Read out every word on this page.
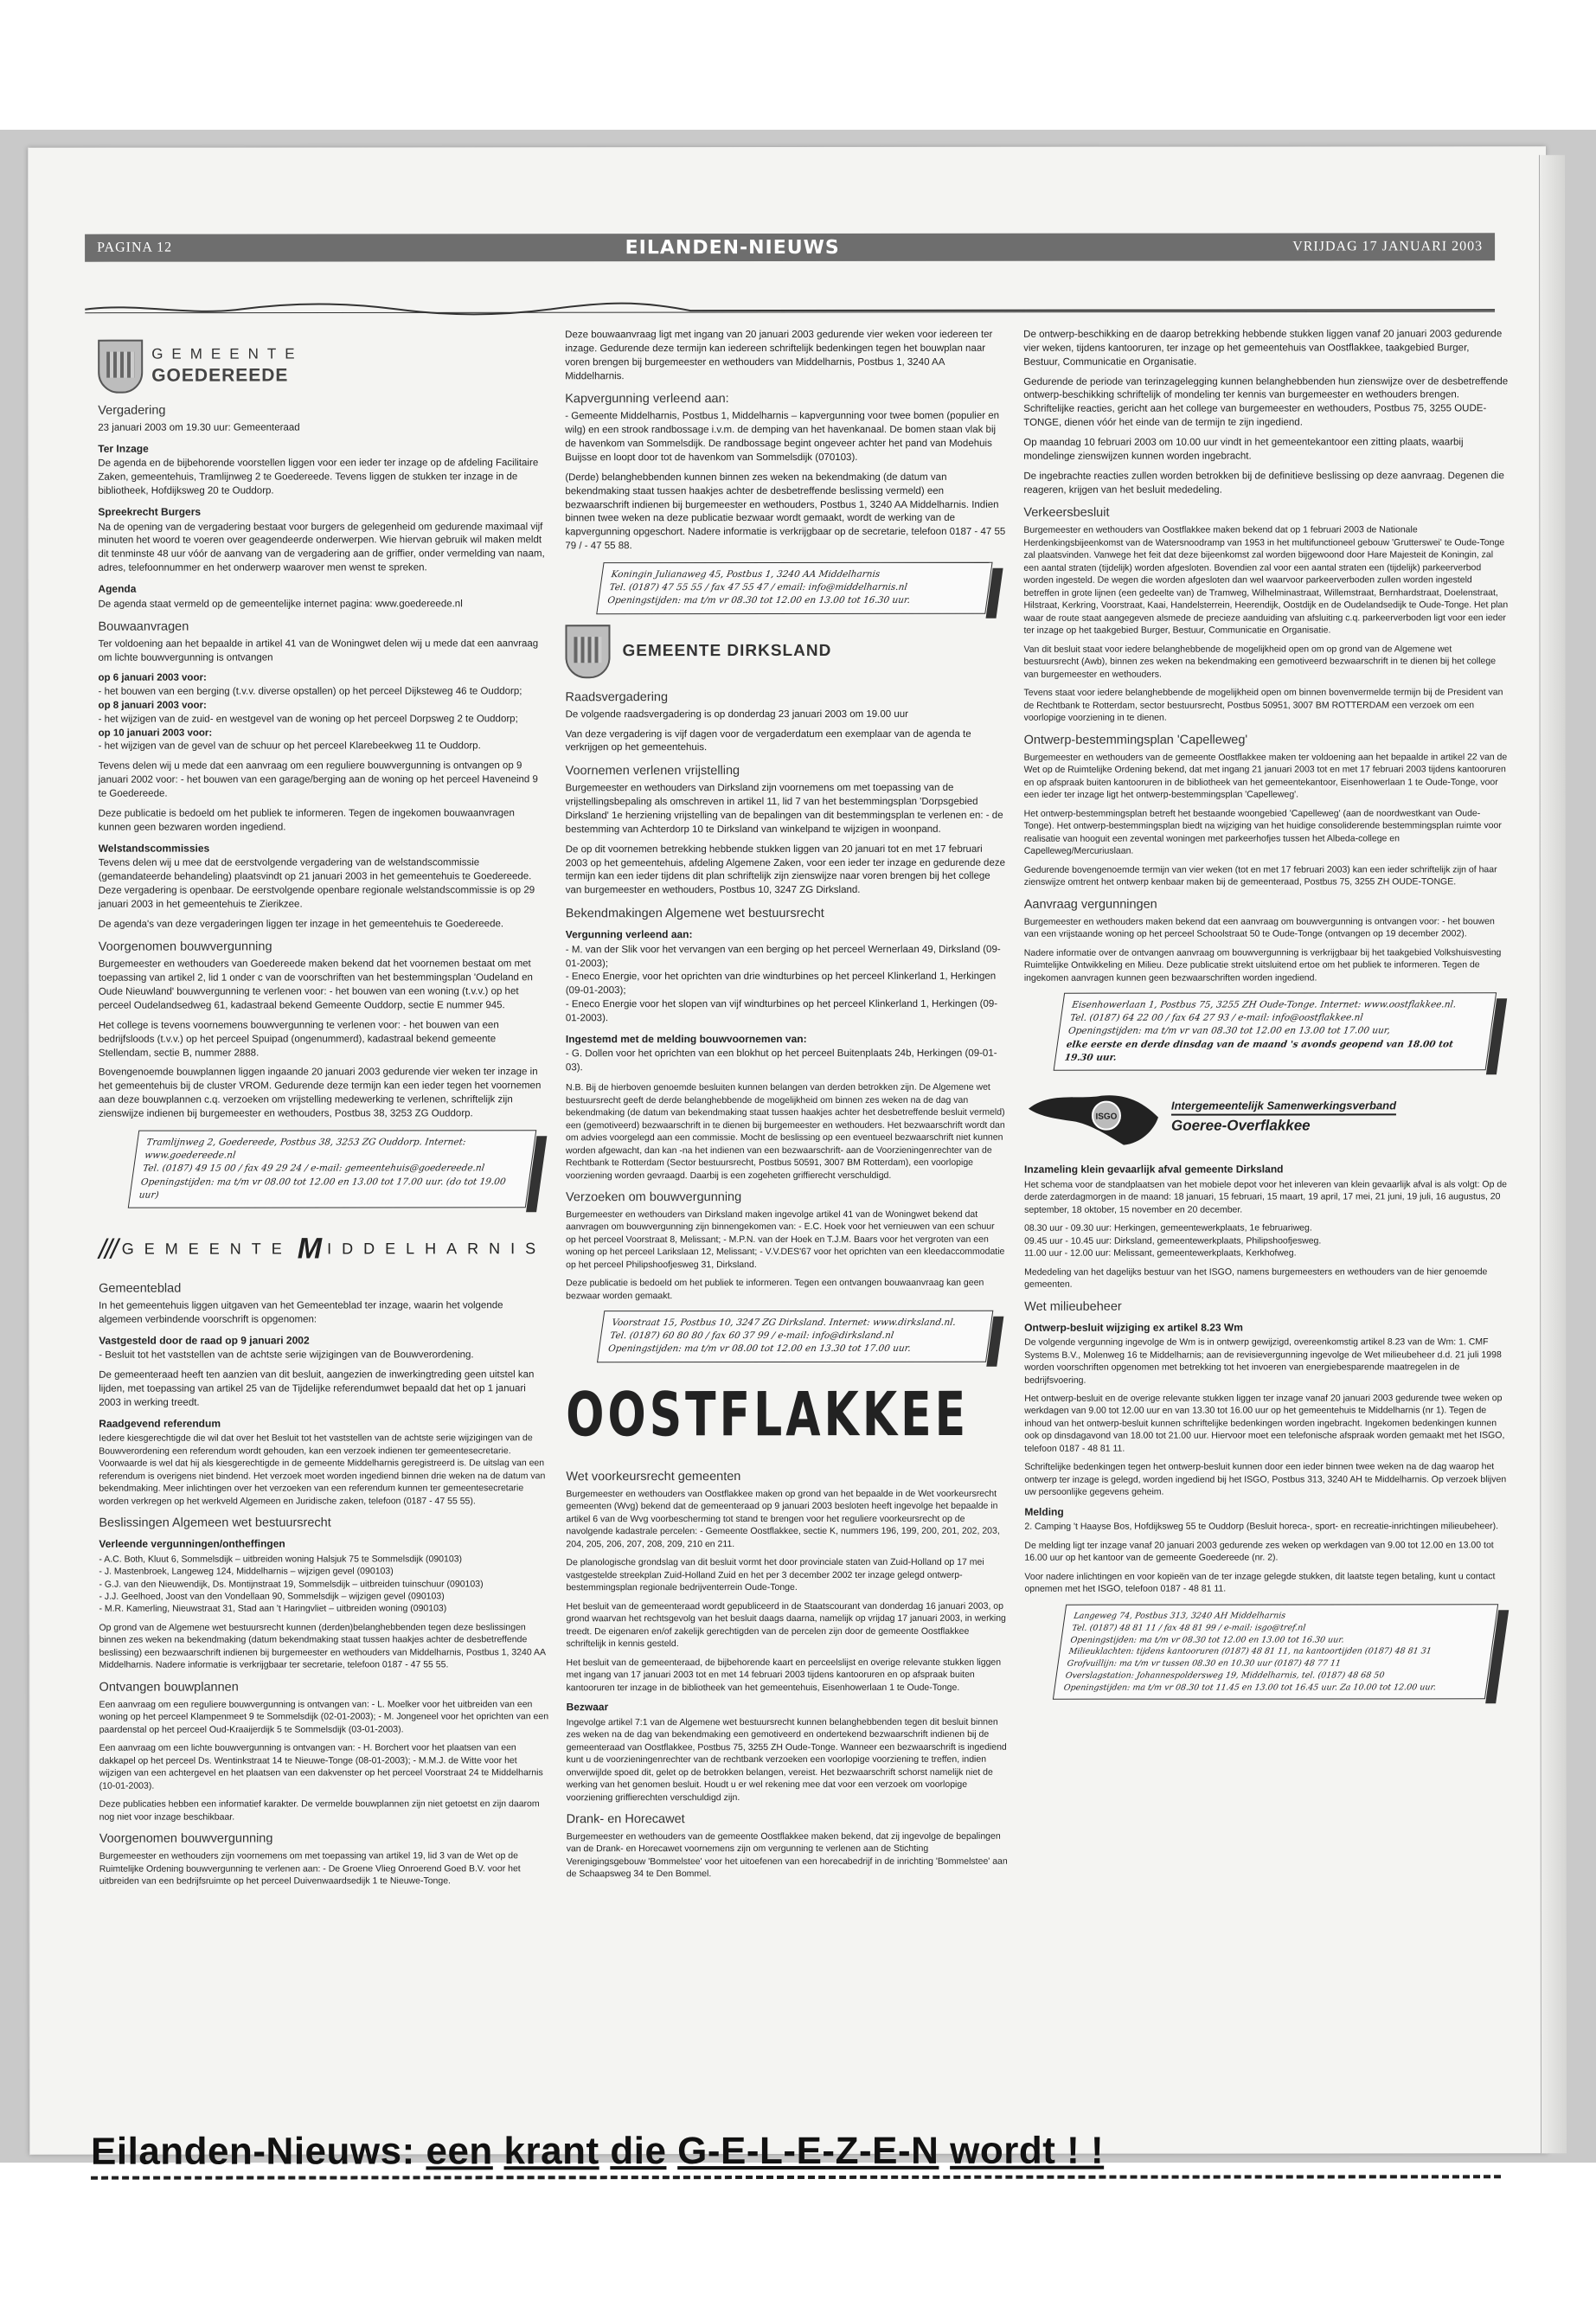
PAGINA 12	EILANDEN-NIEUWS	VRIJDAG 17 JANUARI 2003
GEMEENTE
GOEDEREEDE
Vergadering

23 januari 2003 om 19.30 uur: Gemeenteraad

Ter Inzage

De agenda en de bijbehorende voorstellen liggen voor een ieder ter inzage op de afdeling Facilitaire Zaken, gemeentehuis, Tramlijnweg 2 te Goedereede. Tevens liggen de stukken ter inzage in de bibliotheek, Hofdijksweg 20 te Ouddorp.

Spreekrecht Burgers

Na de opening van de vergadering bestaat voor burgers de gelegenheid om gedurende maximaal vijf minuten het woord te voeren over geagendeerde onderwerpen. Wie hiervan gebruik wil maken meldt dit tenminste 48 uur vóór de aanvang van de vergadering aan de griffier, onder vermelding van naam, adres, telefoonnummer en het onderwerp waarover men wenst te spreken.

Agenda

De agenda staat vermeld op de gemeentelijke internet pagina: www.goedereede.nl

Bouwaanvragen

Ter voldoening aan het bepaalde in artikel 41 van de Woningwet delen wij u mede dat een aanvraag om lichte bouwvergunning is ontvangen

op 6 januari 2003 voor:
- het bouwen van een berging (t.v.v. diverse opstallen) op het perceel Dijksteweg 46 te Ouddorp;
op 8 januari 2003 voor:
- het wijzigen van de zuid- en westgevel van de woning op het perceel Dorpsweg 2 te Ouddorp;
op 10 januari 2003 voor:

- het wijzigen van de gevel van de schuur op het perceel Klarebeekweg 11 te Ouddorp.

Tevens delen wij u mede dat een aanvraag om een reguliere bouwvergunning is ontvangen op 9 januari 2002 voor: - het bouwen van een garage/berging aan de woning op het perceel Haveneind 9 te Goedereede.

Deze publicatie is bedoeld om het publiek te informeren. Tegen de ingekomen bouwaanvragen kunnen geen bezwaren worden ingediend.

Welstandscommissies

Tevens delen wij u mee dat de eerstvolgende vergadering van de welstandscommissie (gemandateerde behandeling) plaatsvindt op 21 januari 2003 in het gemeentehuis te Goedereede. Deze vergadering is openbaar. De eerstvolgende openbare regionale welstandscommissie is op 29 januari 2003 in het gemeentehuis te Zierikzee.

De agenda's van deze vergaderingen liggen ter inzage in het gemeentehuis te Goedereede.

Voorgenomen bouwvergunning

Burgemeester en wethouders van Goedereede maken bekend dat het voornemen bestaat om met toepassing van artikel 2, lid 1 onder c van de voorschriften van het bestemmingsplan 'Oudeland en Oude Nieuwland' bouwvergunning te verlenen voor: - het bouwen van een woning (t.v.v.) op het perceel Oudelandsedweg 61, kadastraal bekend Gemeente Ouddorp, sectie E nummer 945.

Het college is tevens voornemens bouwvergunning te verlenen voor: - het bouwen van een bedrijfsloods (t.v.v.) op het perceel Spuipad (ongenummerd), kadastraal bekend gemeente Stellendam, sectie B, nummer 2888.

Bovengenoemde bouwplannen liggen ingaande 20 januari 2003 gedurende vier weken ter inzage in het gemeentehuis bij de cluster VROM. Gedurende deze termijn kan een ieder tegen het voornemen aan deze bouwplannen c.q. verzoeken om vrijstelling medewerking te verlenen, schriftelijk zijn zienswijze indienen bij burgemeester en wethouders, Postbus 38, 3253 ZG Ouddorp.

Tramlijnweg 2, Goedereede, Postbus 38, 3253 ZG Ouddorp. Internet: www.goedereede.nl
Tel. (0187) 49 15 00 / fax 49 29 24 / e-mail: gemeentehuis@goedereede.nl
Openingstijden: ma t/m vr 08.00 tot 12.00 en 13.00 tot 17.00 uur. (do tot 19.00 uur)
/// GEMEENTE M IDDELHARNIS
Gemeenteblad

In het gemeentehuis liggen uitgaven van het Gemeenteblad ter inzage, waarin het volgende algemeen verbindende voorschrift is opgenomen:

Vastgesteld door de raad op 9 januari 2002

- Besluit tot het vaststellen van de achtste serie wijzigingen van de Bouwverordening.

De gemeenteraad heeft ten aanzien van dit besluit, aangezien de inwerkingtreding geen uitstel kan lijden, met toepassing van artikel 25 van de Tijdelijke referendumwet bepaald dat het op 1 januari 2003 in werking treedt.

Raadgevend referendum

Iedere kiesgerechtigde die wil dat over het Besluit tot het vaststellen van de achtste serie wijzigingen van de Bouwverordening een referendum wordt gehouden, kan een verzoek indienen ter gemeentesecretarie. Voorwaarde is wel dat hij als kiesgerechtigde in de gemeente Middelharnis geregistreerd is. De uitslag van een referendum is overigens niet bindend. Het verzoek moet worden ingediend binnen drie weken na de datum van bekendmaking. Meer inlichtingen over het verzoeken van een referendum kunnen ter gemeentesecretarie worden verkregen op het werkveld Algemeen en Juridische zaken, telefoon (0187 - 47 55 55).

Beslissingen Algemeen wet bestuursrecht
Verleende vergunningen/ontheffingen
- A.C. Both, Kluut 6, Sommelsdijk – uitbreiden woning Halsjuk 75 te Sommelsdijk (090103)
- J. Mastenbroek, Langeweg 124, Middelharnis – wijzigen gevel (090103)
- G.J. van den Nieuwendijk, Ds. Montijnstraat 19, Sommelsdijk – uitbreiden tuinschuur (090103)
- J.J. Geelhoed, Joost van den Vondellaan 90, Sommelsdijk – wijzigen gevel (090103)

- M.R. Kamerling, Nieuwstraat 31, Stad aan 't Haringvliet – uitbreiden woning (090103)

Op grond van de Algemene wet bestuursrecht kunnen (derden)belanghebbenden tegen deze beslissingen binnen zes weken na bekendmaking (datum bekendmaking staat tussen haakjes achter de desbetreffende beslissing) een bezwaarschrift indienen bij burgemeester en wethouders van Middelharnis, Postbus 1, 3240 AA Middelharnis. Nadere informatie is verkrijgbaar ter secretarie, telefoon 0187 - 47 55 55.

Ontvangen bouwplannen

Een aanvraag om een reguliere bouwvergunning is ontvangen van: - L. Moelker voor het uitbreiden van een woning op het perceel Klampenmeet 9 te Sommelsdijk (02-01-2003); - M. Jongeneel voor het oprichten van een paardenstal op het perceel Oud-Kraaijerdijk 5 te Sommelsdijk (03-01-2003).

Een aanvraag om een lichte bouwvergunning is ontvangen van: - H. Borchert voor het plaatsen van een dakkapel op het perceel Ds. Wentinkstraat 14 te Nieuwe-Tonge (08-01-2003); - M.M.J. de Witte voor het wijzigen van een achtergevel en het plaatsen van een dakvenster op het perceel Voorstraat 24 te Middelharnis (10-01-2003).

Deze publicaties hebben een informatief karakter. De vermelde bouwplannen zijn niet getoetst en zijn daarom nog niet voor inzage beschikbaar.

Voorgenomen bouwvergunning

Burgemeester en wethouders zijn voornemens om met toepassing van artikel 19, lid 3 van de Wet op de Ruimtelijke Ordening bouwvergunning te verlenen aan: - De Groene Vlieg Onroerend Goed B.V. voor het uitbreiden van een bedrijfsruimte op het perceel Duivenwaardsedijk 1 te Nieuwe-Tonge.

Deze bouwaanvraag ligt met ingang van 20 januari 2003 gedurende vier weken voor iedereen ter inzage. Gedurende deze termijn kan iedereen schriftelijk bedenkingen tegen het bouwplan naar voren brengen bij burgemeester en wethouders van Middelharnis, Postbus 1, 3240 AA Middelharnis.

Kapvergunning verleend aan:

- Gemeente Middelharnis, Postbus 1, Middelharnis – kapvergunning voor twee bomen (populier en wilg) en een strook randbossage i.v.m. de demping van het havenkanaal. De bomen staan vlak bij de havenkom van Sommelsdijk. De randbossage begint ongeveer achter het pand van Modehuis Buijsse en loopt door tot de havenkom van Sommelsdijk (070103).

(Derde) belanghebbenden kunnen binnen zes weken na bekendmaking (de datum van bekendmaking staat tussen haakjes achter de desbetreffende beslissing vermeld) een bezwaarschrift indienen bij burgemeester en wethouders, Postbus 1, 3240 AA Middelharnis. Indien binnen twee weken na deze publicatie bezwaar wordt gemaakt, wordt de werking van de kapvergunning opgeschort. Nadere informatie is verkrijgbaar op de secretarie, telefoon 0187 - 47 55 79 / - 47 55 88.

Koningin Julianaweg 45, Postbus 1, 3240 AA Middelharnis
Tel. (0187) 47 55 55 / fax 47 55 47 / email: info@middelharnis.nl
Openingstijden: ma t/m vr 08.30 tot 12.00 en 13.00 tot 16.30 uur.
GEMEENTE DIRKSLAND
Raadsvergadering

De volgende raadsvergadering is op donderdag 23 januari 2003 om 19.00 uur

Van deze vergadering is vijf dagen voor de vergaderdatum een exemplaar van de agenda te verkrijgen op het gemeentehuis.

Voornemen verlenen vrijstelling

Burgemeester en wethouders van Dirksland zijn voornemens om met toepassing van de vrijstellingsbepaling als omschreven in artikel 11, lid 7 van het bestemmingsplan 'Dorpsgebied Dirksland' 1e herziening vrijstelling van de bepalingen van dit bestemmingsplan te verlenen en: - de bestemming van Achterdorp 10 te Dirksland van winkelpand te wijzigen in woonpand.

De op dit voornemen betrekking hebbende stukken liggen van 20 januari tot en met 17 februari 2003 op het gemeentehuis, afdeling Algemene Zaken, voor een ieder ter inzage en gedurende deze termijn kan een ieder tijdens dit plan schriftelijk zijn zienswijze naar voren brengen bij het college van burgemeester en wethouders, Postbus 10, 3247 ZG Dirksland.

Bekendmakingen Algemene wet bestuursrecht
Vergunning verleend aan:
- M. van der Slik voor het vervangen van een berging op het perceel Wernerlaan 49, Dirksland (09-01-2003);
- Eneco Energie, voor het oprichten van drie windturbines op het perceel Klinkerland 1, Herkingen (09-01-2003);

- Eneco Energie voor het slopen van vijf windturbines op het perceel Klinkerland 1, Herkingen (09-01-2003).

Ingestemd met de melding bouwvoornemen van:

- G. Dollen voor het oprichten van een blokhut op het perceel Buitenplaats 24b, Herkingen (09-01-03).

N.B. Bij de hierboven genoemde besluiten kunnen belangen van derden betrokken zijn. De Algemene wet bestuursrecht geeft de derde belanghebbende de mogelijkheid om binnen zes weken na de dag van bekendmaking (de datum van bekendmaking staat tussen haakjes achter het desbetreffende besluit vermeld) een (gemotiveerd) bezwaarschrift in te dienen bij burgemeester en wethouders. Het bezwaarschrift wordt dan om advies voorgelegd aan een commissie. Mocht de beslissing op een eventueel bezwaarschrift niet kunnen worden afgewacht, dan kan -na het indienen van een bezwaarschrift- aan de Voorzieningenrechter van de Rechtbank te Rotterdam (Sector bestuursrecht, Postbus 50591, 3007 BM Rotterdam), een voorlopige voorziening worden gevraagd. Daarbij is een zogeheten griffierecht verschuldigd.

Verzoeken om bouwvergunning

Burgemeester en wethouders van Dirksland maken ingevolge artikel 41 van de Woningwet bekend dat aanvragen om bouwvergunning zijn binnengekomen van: - E.C. Hoek voor het vernieuwen van een schuur op het perceel Voorstraat 8, Melissant; - M.P.N. van der Hoek en T.J.M. Baars voor het vergroten van een woning op het perceel Larikslaan 12, Melissant; - V.V.DES'67 voor het oprichten van een kleedaccommodatie op het perceel Philipshoofjesweg 31, Dirksland.

Deze publicatie is bedoeld om het publiek te informeren. Tegen een ontvangen bouwaanvraag kan geen bezwaar worden gemaakt.

Voorstraat 15, Postbus 10, 3247 ZG Dirksland. Internet: www.dirksland.nl.
Tel. (0187) 60 80 80 / fax 60 37 99 / e-mail: info@dirksland.nl
Openingstijden: ma t/m vr 08.00 tot 12.00 en 13.30 tot 17.00 uur.
OOSTFLAKKEE
Wet voorkeursrecht gemeenten

Burgemeester en wethouders van Oostflakkee maken op grond van het bepaalde in de Wet voorkeursrecht gemeenten (Wvg) bekend dat de gemeenteraad op 9 januari 2003 besloten heeft ingevolge het bepaalde in artikel 6 van de Wvg voorbescherming tot stand te brengen voor het reguliere voorkeursrecht op de navolgende kadastrale percelen: - Gemeente Oostflakkee, sectie K, nummers 196, 199, 200, 201, 202, 203, 204, 205, 206, 207, 208, 209, 210 en 211.

De planologische grondslag van dit besluit vormt het door provinciale staten van Zuid-Holland op 17 mei vastgestelde streekplan Zuid-Holland Zuid en het per 3 december 2002 ter inzage gelegd ontwerp-bestemmingsplan regionale bedrijventerrein Oude-Tonge.

Het besluit van de gemeenteraad wordt gepubliceerd in de Staatscourant van donderdag 16 januari 2003, op grond waarvan het rechtsgevolg van het besluit daags daarna, namelijk op vrijdag 17 januari 2003, in werking treedt. De eigenaren en/of zakelijk gerechtigden van de percelen zijn door de gemeente Oostflakkee schriftelijk in kennis gesteld.

Het besluit van de gemeenteraad, de bijbehorende kaart en perceelslijst en overige relevante stukken liggen met ingang van 17 januari 2003 tot en met 14 februari 2003 tijdens kantooruren en op afspraak buiten kantooruren ter inzage in de bibliotheek van het gemeentehuis, Eisenhowerlaan 1 te Oude-Tonge.

Bezwaar

Ingevolge artikel 7:1 van de Algemene wet bestuursrecht kunnen belanghebbenden tegen dit besluit binnen zes weken na de dag van bekendmaking een gemotiveerd en ondertekend bezwaarschrift indienen bij de gemeenteraad van Oostflakkee, Postbus 75, 3255 ZH Oude-Tonge. Wanneer een bezwaarschrift is ingediend kunt u de voorzieningenrechter van de rechtbank verzoeken een voorlopige voorziening te treffen, indien onverwijlde spoed dit, gelet op de betrokken belangen, vereist. Het bezwaarschrift schorst namelijk niet de werking van het genomen besluit. Houdt u er wel rekening mee dat voor een verzoek om voorlopige voorziening griffierechten verschuldigd zijn.

Drank- en Horecawet

Burgemeester en wethouders van de gemeente Oostflakkee maken bekend, dat zij ingevolge de bepalingen van de Drank- en Horecawet voornemens zijn om vergunning te verlenen aan de Stichting Verenigingsgebouw 'Bommelstee' voor het uitoefenen van een horecabedrijf in de inrichting 'Bommelstee' aan de Schaapsweg 34 te Den Bommel.

De ontwerp-beschikking en de daarop betrekking hebbende stukken liggen vanaf 20 januari 2003 gedurende vier weken, tijdens kantooruren, ter inzage op het gemeentehuis van Oostflakkee, taakgebied Burger, Bestuur, Communicatie en Organisatie.

Gedurende de periode van terinzagelegging kunnen belanghebbenden hun zienswijze over de desbetreffende ontwerp-beschikking schriftelijk of mondeling ter kennis van burgemeester en wethouders brengen. Schriftelijke reacties, gericht aan het college van burgemeester en wethouders, Postbus 75, 3255 OUDE-TONGE, dienen vóór het einde van de termijn te zijn ingediend.

Op maandag 10 februari 2003 om 10.00 uur vindt in het gemeentekantoor een zitting plaats, waarbij mondelinge zienswijzen kunnen worden ingebracht.

De ingebrachte reacties zullen worden betrokken bij de definitieve beslissing op deze aanvraag. Degenen die reageren, krijgen van het besluit mededeling.

Verkeersbesluit

Burgemeester en wethouders van Oostflakkee maken bekend dat op 1 februari 2003 de Nationale Herdenkingsbijeenkomst van de Watersnoodramp van 1953 in het multifunctioneel gebouw 'Grutterswei' te Oude-Tonge zal plaatsvinden. Vanwege het feit dat deze bijeenkomst zal worden bijgewoond door Hare Majesteit de Koningin, zal een aantal straten (tijdelijk) worden afgesloten. Bovendien zal voor een aantal straten een (tijdelijk) parkeerverbod worden ingesteld. De wegen die worden afgesloten dan wel waarvoor parkeerverboden zullen worden ingesteld betreffen in grote lijnen (een gedeelte van) de Tramweg, Wilhelminastraat, Willemstraat, Bernhardstraat, Doelenstraat, Hilstraat, Kerkring, Voorstraat, Kaai, Handelsterrein, Heerendijk, Oostdijk en de Oudelandsedijk te Oude-Tonge. Het plan waar de route staat aangegeven alsmede de precieze aanduiding van afsluiting c.q. parkeerverboden ligt voor een ieder ter inzage op het taakgebied Burger, Bestuur, Communicatie en Organisatie.

Van dit besluit staat voor iedere belanghebbende de mogelijkheid open om op grond van de Algemene wet bestuursrecht (Awb), binnen zes weken na bekendmaking een gemotiveerd bezwaarschrift in te dienen bij het college van burgemeester en wethouders.

Tevens staat voor iedere belanghebbende de mogelijkheid open om binnen bovenvermelde termijn bij de President van de Rechtbank te Rotterdam, sector bestuursrecht, Postbus 50951, 3007 BM ROTTERDAM een verzoek om een voorlopige voorziening in te dienen.

Ontwerp-bestemmingsplan 'Capelleweg'

Burgemeester en wethouders van de gemeente Oostflakkee maken ter voldoening aan het bepaalde in artikel 22 van de Wet op de Ruimtelijke Ordening bekend, dat met ingang 21 januari 2003 tot en met 17 februari 2003 tijdens kantooruren en op afspraak buiten kantooruren in de bibliotheek van het gemeentekantoor, Eisenhowerlaan 1 te Oude-Tonge, voor een ieder ter inzage ligt het ontwerp-bestemmingsplan 'Capelleweg'.

Het ontwerp-bestemmingsplan betreft het bestaande woongebied 'Capelleweg' (aan de noordwestkant van Oude-Tonge). Het ontwerp-bestemmingsplan biedt na wijziging van het huidige consoliderende bestemmingsplan ruimte voor realisatie van hooguit een zevental woningen met parkeerhofjes tussen het Albeda-college en Capelleweg/Mercuriuslaan.

Gedurende bovengenoemde termijn van vier weken (tot en met 17 februari 2003) kan een ieder schriftelijk zijn of haar zienswijze omtrent het ontwerp kenbaar maken bij de gemeenteraad, Postbus 75, 3255 ZH OUDE-TONGE.

Aanvraag vergunningen

Burgemeester en wethouders maken bekend dat een aanvraag om bouwvergunning is ontvangen voor: - het bouwen van een vrijstaande woning op het perceel Schoolstraat 50 te Oude-Tonge (ontvangen op 19 december 2002).

Nadere informatie over de ontvangen aanvraag om bouwvergunning is verkrijgbaar bij het taakgebied Volkshuisvesting Ruimtelijke Ontwikkeling en Milieu. Deze publicatie strekt uitsluitend ertoe om het publiek te informeren. Tegen de ingekomen aanvragen kunnen geen bezwaarschriften worden ingediend.

Eisenhowerlaan 1, Postbus 75, 3255 ZH Oude-Tonge. Internet: www.oostflakkee.nl.
Tel. (0187) 64 22 00 / fax 64 27 93 / e-mail: info@oostflakkee.nl
Openingstijden: ma t/m vr van 08.30 tot 12.00 en 13.00 tot 17.00 uur,
elke eerste en derde dinsdag van de maand 's avonds geopend van 18.00 tot 19.30 uur.
ISGO
Intergemeentelijk Samenwerkingsverband
Goeree-Overflakkee
Inzameling klein gevaarlijk afval gemeente Dirksland

Het schema voor de standplaatsen van het mobiele depot voor het inleveren van klein gevaarlijk afval is als volgt: Op de derde zaterdagmorgen in de maand: 18 januari, 15 februari, 15 maart, 19 april, 17 mei, 21 juni, 19 juli, 16 augustus, 20 september, 18 oktober, 15 november en 20 december.

08.30 uur - 09.30 uur: Herkingen, gemeentewerkplaats, 1e februariweg.
09.45 uur - 10.45 uur: Dirksland, gemeentewerkplaats, Philipshoofjesweg.

11.00 uur - 12.00 uur: Melissant, gemeentewerkplaats, Kerkhofweg.

Mededeling van het dagelijks bestuur van het ISGO, namens burgemeesters en wethouders van de hier genoemde gemeenten.

Wet milieubeheer
Ontwerp-besluit wijziging ex artikel 8.23 Wm

De volgende vergunning ingevolge de Wm is in ontwerp gewijzigd, overeenkomstig artikel 8.23 van de Wm: 1. CMF Systems B.V., Molenweg 16 te Middelharnis; aan de revisievergunning ingevolge de Wet milieubeheer d.d. 21 juli 1998 worden voorschriften opgenomen met betrekking tot het invoeren van energiebesparende maatregelen in de bedrijfsvoering.

Het ontwerp-besluit en de overige relevante stukken liggen ter inzage vanaf 20 januari 2003 gedurende twee weken op werkdagen van 9.00 tot 12.00 uur en van 13.30 tot 16.00 uur op het gemeentehuis te Middelharnis (nr 1). Tegen de inhoud van het ontwerp-besluit kunnen schriftelijke bedenkingen worden ingebracht. Ingekomen bedenkingen kunnen ook op dinsdagavond van 18.00 tot 21.00 uur. Hiervoor moet een telefonische afspraak worden gemaakt met het ISGO, telefoon 0187 - 48 81 11.

Schriftelijke bedenkingen tegen het ontwerp-besluit kunnen door een ieder binnen twee weken na de dag waarop het ontwerp ter inzage is gelegd, worden ingediend bij het ISGO, Postbus 313, 3240 AH te Middelharnis. Op verzoek blijven uw persoonlijke gegevens geheim.

Melding

2. Camping 't Haayse Bos, Hofdijksweg 55 te Ouddorp (Besluit horeca-, sport- en recreatie-inrichtingen milieubeheer).

De melding ligt ter inzage vanaf 20 januari 2003 gedurende zes weken op werkdagen van 9.00 tot 12.00 en 13.00 tot 16.00 uur op het kantoor van de gemeente Goedereede (nr. 2).

Voor nadere inlichtingen en voor kopieën van de ter inzage gelegde stukken, dit laatste tegen betaling, kunt u contact opnemen met het ISGO, telefoon 0187 - 48 81 11.

Langeweg 74, Postbus 313, 3240 AH Middelharnis
Tel. (0187) 48 81 11 / fax 48 81 99 / e-mail: isgo@tref.nl
Openingstijden: ma t/m vr 08.30 tot 12.00 en 13.00 tot 16.30 uur.
Milieuklachten: tijdens kantooruren (0187) 48 81 11, na kantoortijden (0187) 48 81 31
Grofvuillijn: ma t/m vr tussen 08.30 en 10.30 uur (0187) 48 77 11
Overslagstation: Johannespoldersweg 19, Middelharnis, tel. (0187) 48 68 50
Openingstijden: ma t/m vr 08.30 tot 11.45 en 13.00 tot 16.45 uur. Za 10.00 tot 12.00 uur.
Eilanden-Nieuws: een krant die G-E-L-E-Z-E-N wordt ! !
